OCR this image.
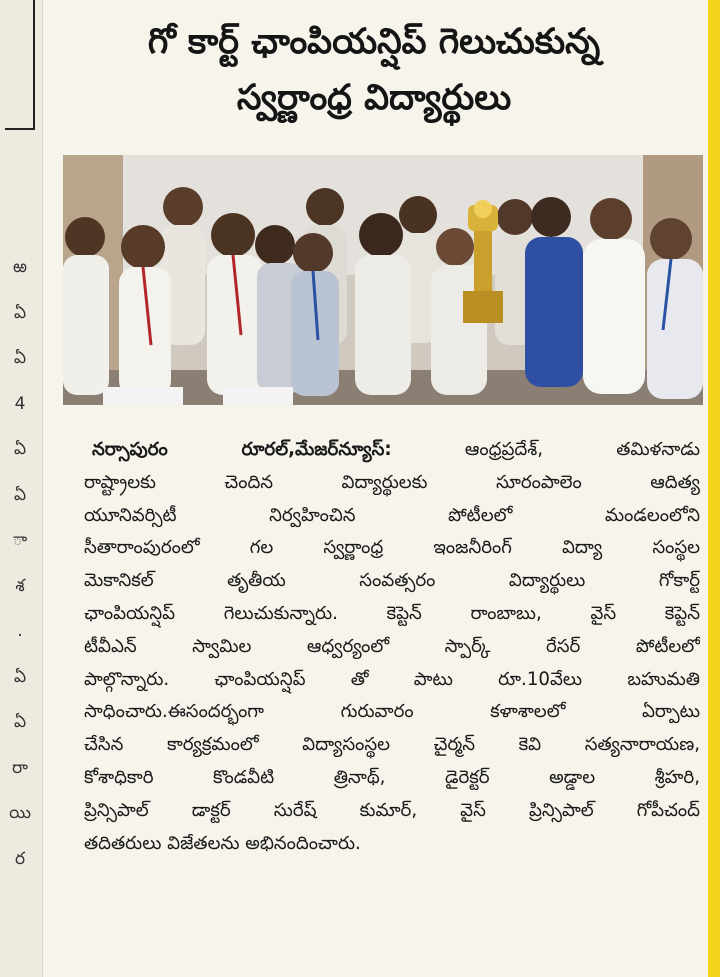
ఱ
ఏ
ఏ
4
ఏ
ఏ
ా
శ
.
ఏ
ఏ
రా
యి
ర
గో కార్ట్ ఛాంపియన్షిప్ గెలుచుకున్న
స్వర్ణాంధ్ర విద్యార్థులు
నర్సాపురం రూరల్,మేజర్‌న్యూస్: ఆంధ్రప్రదేశ్, తమిళనాడు
రాష్ట్రాలకు చెందిన విద్యార్థులకు సూరంపాలెం ఆదిత్య
యూనివర్సిటీ నిర్వహించిన పోటీలలో మండలంలోని
సీతారాంపురంలో గల స్వర్ణాంధ్ర ఇంజనీరింగ్ విద్యా సంస్థల
మెకానికల్ తృతీయ సంవత్సరం విద్యార్థులు గోకార్ట్
ఛాంపియన్షిప్ గెలుచుకున్నారు. కెప్టెన్ రాంబాబు, వైస్ కెప్టెన్
టీవీఎన్ స్వామిల ఆధ్వర్యంలో స్పార్క్ రేసర్ పోటీలలో
పాల్గొన్నారు. ఛాంపియన్షిప్ తో పాటు రూ.10వేలు బహుమతి
సాధించారు.ఈసందర్భంగా గురువారం కళాశాలలో ఏర్పాటు
చేసిన కార్యక్రమంలో విద్యాసంస్థల చైర్మన్ కెవి సత్యనారాయణ,
కోశాధికారి కొండవీటి త్రినాథ్, డైరెక్టర్ అడ్డాల శ్రీహరి,
ప్రిన్సిపాల్ డాక్టర్ సురేష్ కుమార్, వైస్ ప్రిన్సిపాల్ గోపీచంద్
తదితరులు విజేతలను అభినందించారు.
